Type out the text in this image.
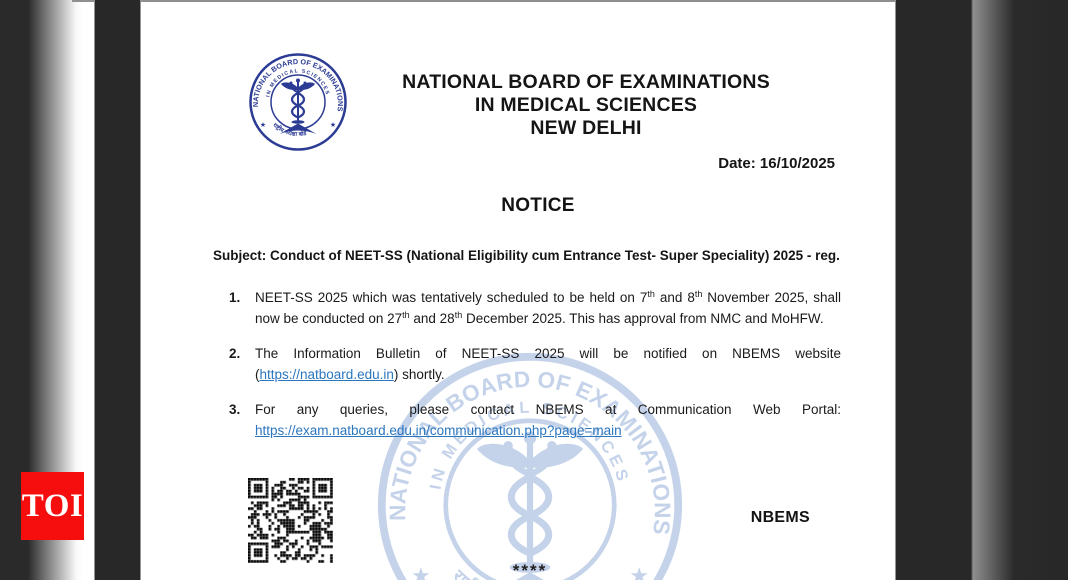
NATIONAL BOARD OF EXAMINATIONS
IN MEDICAL SCIENCES
NEW DELHI
Date: 16/10/2025
NOTICE
Subject: Conduct of NEET-SS (National Eligibility cum Entrance Test- Super Speciality) 2025 - reg.
1.	NEET-SS 2025 which was tentatively scheduled to be held on 7th and 8th November 2025, shall now be conducted on 27th and 28th December 2025. This has approval from NMC and MoHFW.

2.	The Information Bulletin of NEET-SS 2025 will be notified on NBEMS website (https://natboard.edu.in) shortly.

3.	For any queries, please contact NBEMS at Communication Web Portal: https://exam.natboard.edu.in/communication.php?page=main

NBEMS
****
TOI
